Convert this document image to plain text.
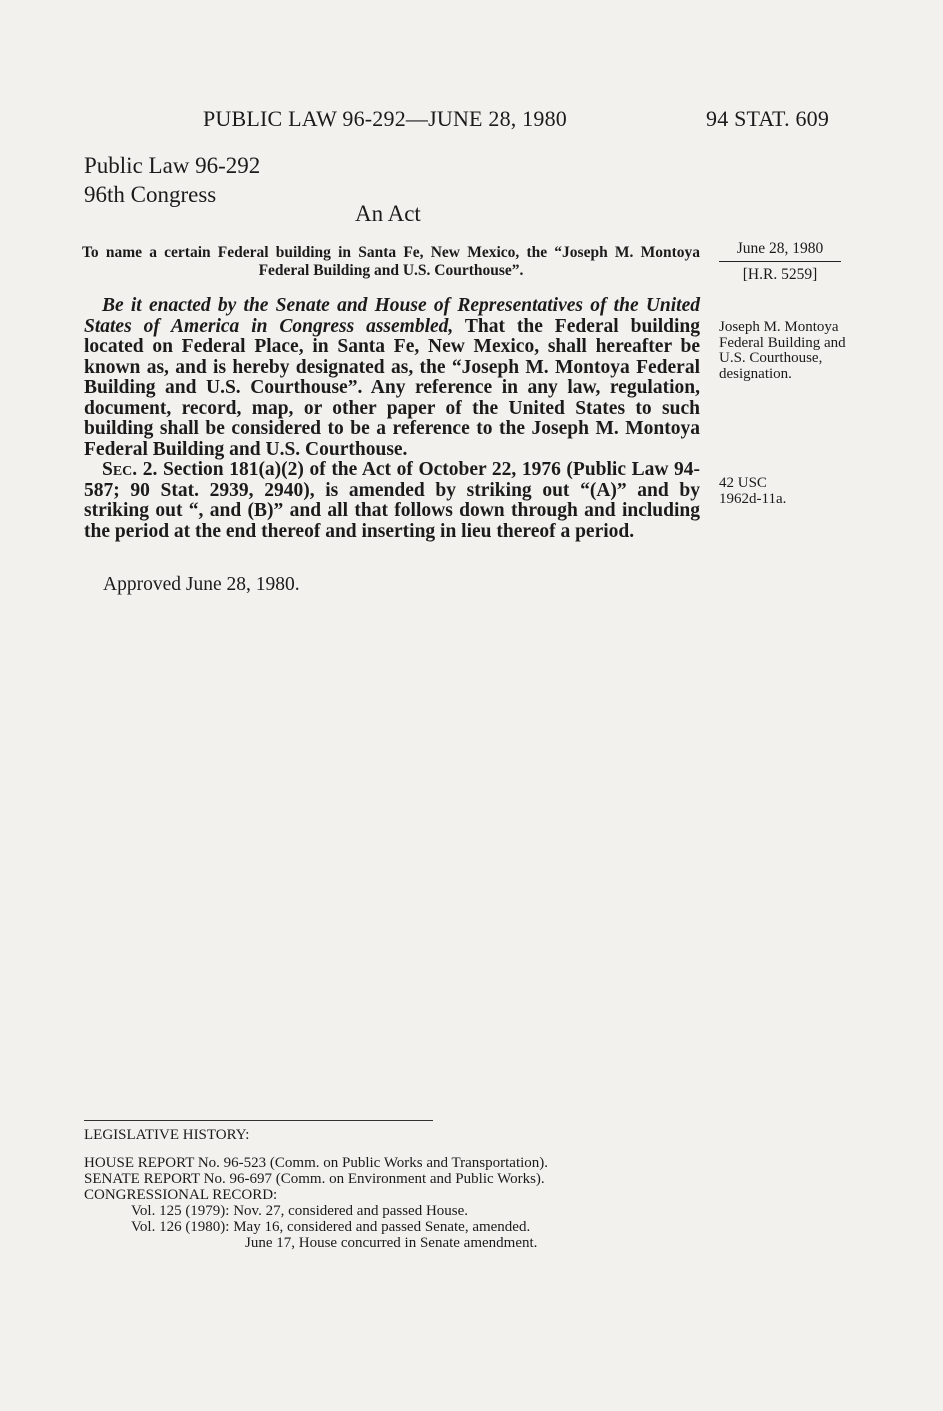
PUBLIC LAW 96-292—JUNE 28, 1980	94 STAT. 609
Public Law 96-292
96th Congress
An Act
To name a certain Federal building in Santa Fe, New Mexico, the “Joseph M. Montoya Federal Building and U.S. Courthouse”.
June 28, 1980
[H.R. 5259]

Be it enacted by the Senate and House of Representatives of the United States of America in Congress assembled, That the Federal building located on Federal Place, in Santa Fe, New Mexico, shall hereafter be known as, and is hereby designated as, the “Joseph M. Montoya Federal Building and U.S. Courthouse”. Any reference in any law, regulation, document, record, map, or other paper of the United States to such building shall be considered to be a reference to the Joseph M. Montoya Federal Building and U.S. Courthouse.

Sec. 2. Section 181(a)(2) of the Act of October 22, 1976 (Public Law 94-587; 90 Stat. 2939, 2940), is amended by striking out “(A)” and by striking out “, and (B)” and all that follows down through and including the period at the end thereof and inserting in lieu thereof a period.

Joseph M. Montoya Federal Building and U.S. Courthouse, designation.
42 USC
1962d-11a.
Approved June 28, 1980.
LEGISLATIVE HISTORY:
HOUSE REPORT No. 96-523 (Comm. on Public Works and Transportation).
SENATE REPORT No. 96-697 (Comm. on Environment and Public Works).
CONGRESSIONAL RECORD:
Vol. 125 (1979): Nov. 27, considered and passed House.
Vol. 126 (1980): May 16, considered and passed Senate, amended.
June 17, House concurred in Senate amendment.
